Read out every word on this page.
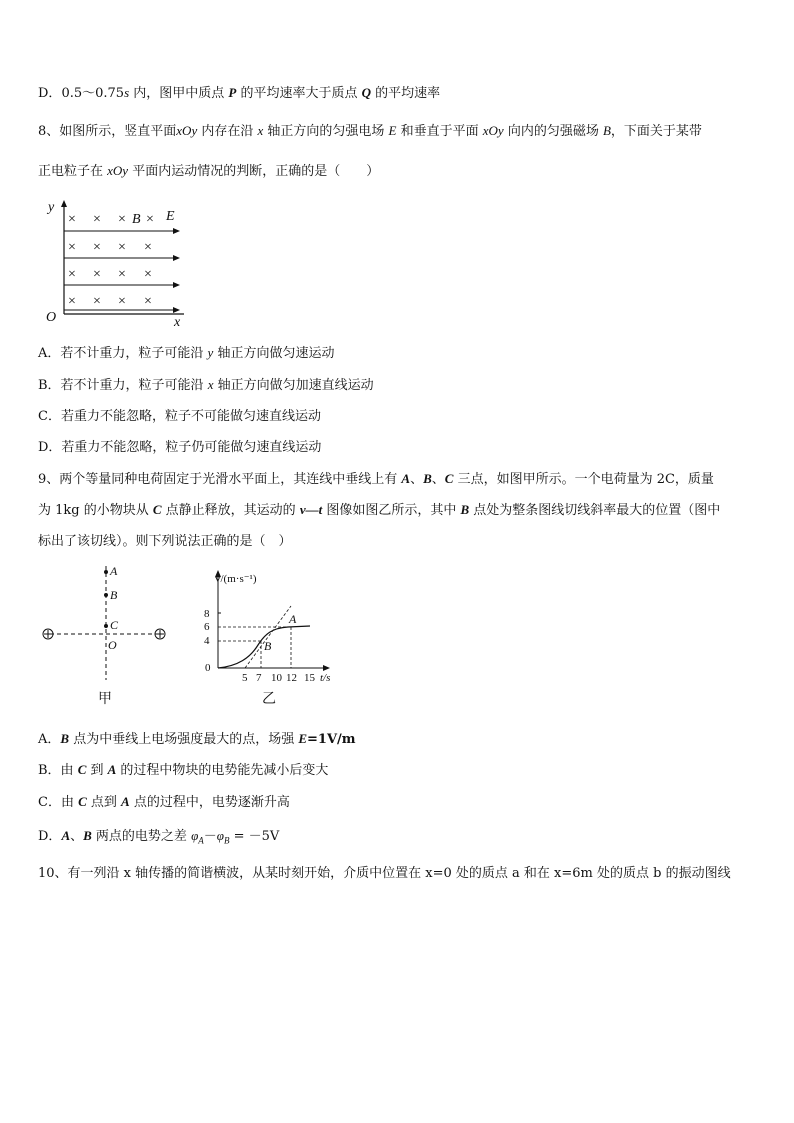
D．0.5～0.75s 内，图甲中质点 P 的平均速率大于质点 Q 的平均速率
8、如图所示，竖直平面xOy 内存在沿 x 轴正方向的匀强电场 E 和垂直于平面 xOy 向内的匀强磁场 B，下面关于某带
正电粒子在 xOy 平面内运动情况的判断，正确的是（　　）
y
O	x
× × × ×
× × × ×
× × × ×
× × × ×
B E
A．若不计重力，粒子可能沿 y 轴正方向做匀速运动
B．若不计重力，粒子可能沿 x 轴正方向做匀加速直线运动
C．若重力不能忽略，粒子不可能做匀速直线运动
D．若重力不能忽略，粒子仍可能做匀速直线运动
9、两个等量同种电荷固定于光滑水平面上，其连线中垂线上有 A、B、C 三点，如图甲所示。一个电荷量为 2C，质量
为 1kg 的小物块从 C 点静止释放，其运动的 v—t 图像如图乙所示，其中 B 点处为整条图线切线斜率最大的位置（图中
标出了该切线）。则下列说法正确的是（　）
A
B
C
O
甲
v/(m·s⁻¹)
t/s
8
6
4
0
5 7 10 12 15
A
B
乙
A．B 点为中垂线上电场强度最大的点，场强 E=1V/m
B．由 C 到 A 的过程中物块的电势能先减小后变大
C．由 C 点到 A 点的过程中，电势逐渐升高
D．A、B 两点的电势之差 $\varphi_A-\varphi_B = -5V$
10、有一列沿 x 轴传播的简谐横波，从某时刻开始，介质中位置在 x=0 处的质点 a 和在 x=6m 处的质点 b 的振动图线
